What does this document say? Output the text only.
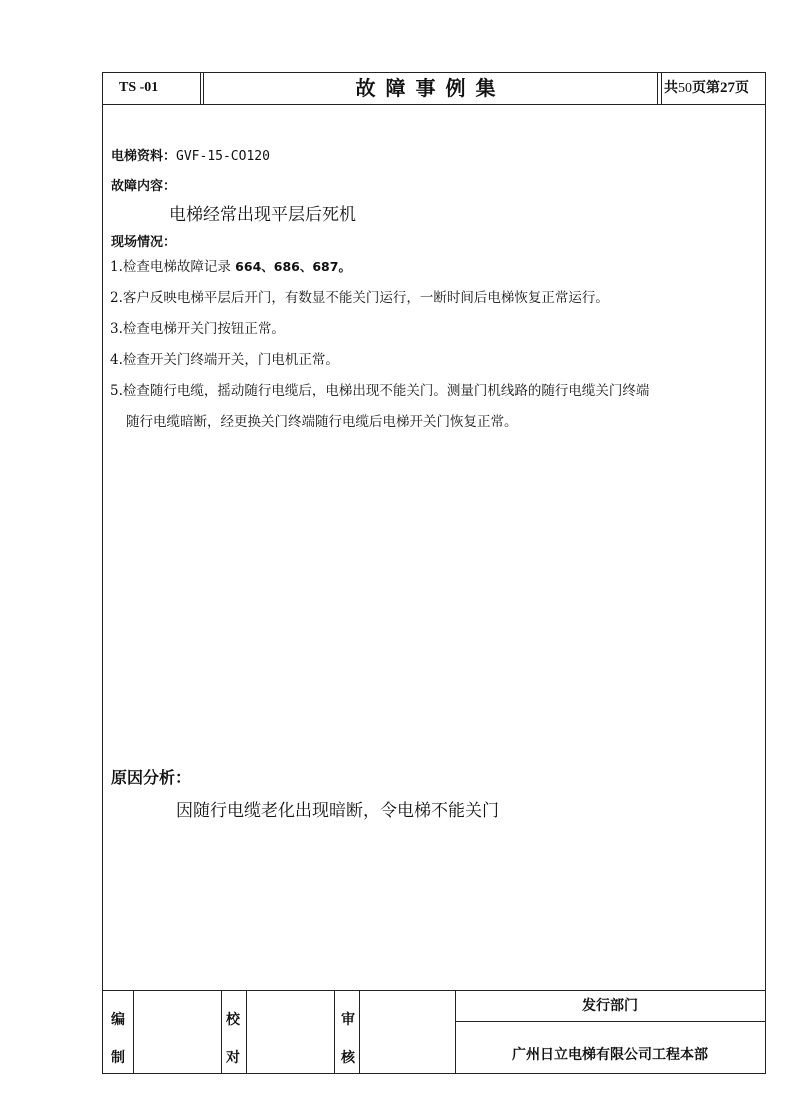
TS -01	故障事例集	共50页第27页
电梯资料：GVF-15-CO120
故障内容：
电梯经常出现平层后死机
现场情况：
1.检查电梯故障记录 664、686、687。
2.客户反映电梯平层后开门，有数显不能关门运行，一断时间后电梯恢复正常运行。
3.检查电梯开关门按钮正常。
4.检查开关门终端开关，门电机正常。
5.检查随行电缆，摇动随行电缆后，电梯出现不能关门。测量门机线路的随行电缆关门终端
随行电缆暗断，经更换关门终端随行电缆后电梯开关门恢复正常。
原因分析：
因随行电缆老化出现暗断，令电梯不能关门
编
制
校
对
审
核
发行部门
广州日立电梯有限公司工程本部
